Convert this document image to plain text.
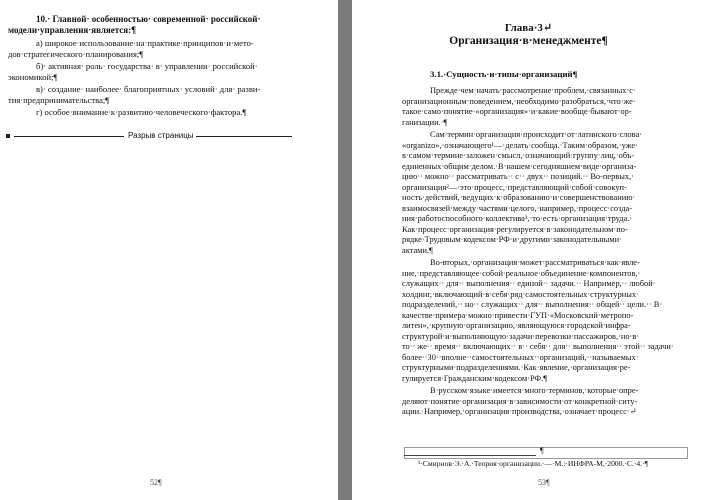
10.· Главной· особенностью· современной· российской·
модели·управления·является:¶
а) широкое·использование·на·практике·принципов·и·мето-
дов·стратегического·планирования;¶
б)· активная· роль· государства· в· управлении· российской·
экономикой;¶
в)· создание· наиболее· благоприятных· условий· для· разви-
тия·предпринимательства;¶
г) особое·внимание·к·развитию·человеческого·фактора.¶
Разрыв страницы
52¶
Глава·3↵
Организация·в·менеджменте¶
3.1.·Сущность·и·типы·организаций¶
Прежде·чем·начать·рассмотрение·проблем,·связанных·с·
организационным·поведением,·необходимо·разобраться,·что·же·
такое·само·понятие·«организация»·и·какие·вообще·бывают·ор-
ганизации.·¶
Сам·термин·организация·происходит·от·латинского·слова·
«organizo»,·означающего¹—·делать·сообща.·Таким·образом,·уже·
в·самом·термине·заложен·смысл,·означающий·группу·лиц,·объ-
единенных·общим·делом.·В·нашем·сегодняшнем·виде·организа-
цию·· можно·· рассматривать·· с·· двух·· позиций.·· Во-первых,·
организация²—·это·процесс,·представляющий·собой·совокуп-
ность·действий,·ведущих·к·образованию·и·совершенствованию·
взаимосвязей·между·частями·целого,·например,·процесс·созда-
ния·работоспособного·коллектива³,·то·есть·организация·труда.·
Как·процесс·организация·регулируется·в·законодательном·по-
рядке·Трудовым·кодексом·РФ·и·другими·законодательными·
актами.¶
Во-вторых,·организация·может·рассматриваться·как·явле-
ние,·представляющее·собой·реальное·объединение·компонентов,·
служащих·· для·· выполнения·· единой·· задачи.·· Например,·· любой·
холдинг,·включающий·в·себя·ряд·самостоятельных·структурных·
подразделений,·· но·· служащих·· для·· выполнения·· общей·· цели.·· В·
качестве·примера·можно·привести·ГУП·«Московский·метропо-
литен»,·крупную·организацию,·являющуюся·городской·инфра-
структурой·и·выполняющую·задачи·перевозки·пассажиров,·но·в·
то·· же·· время·· включающих·· в·· себя·· для·· выполнения·· этой·· задачи·
более··30··вполне··самостоятельных··организаций,··называемых·
структурными·подразделениями.·Как·явление,·организация·ре-
гулируется·Гражданским·кодексом·РФ.¶
В·русском·языке·имеется·много·терминов,·которые·опре-
деляют·понятие·организация·в·зависимости·от·конкретной·ситу-
ации.·Например,·организация·производства,·означает·процесс·↵
¶
¹·Смирнов·Э.·А.·Теория·организации.·—·М.:·ИНФРА-М,·2000.·С.·4.·¶
53¶
